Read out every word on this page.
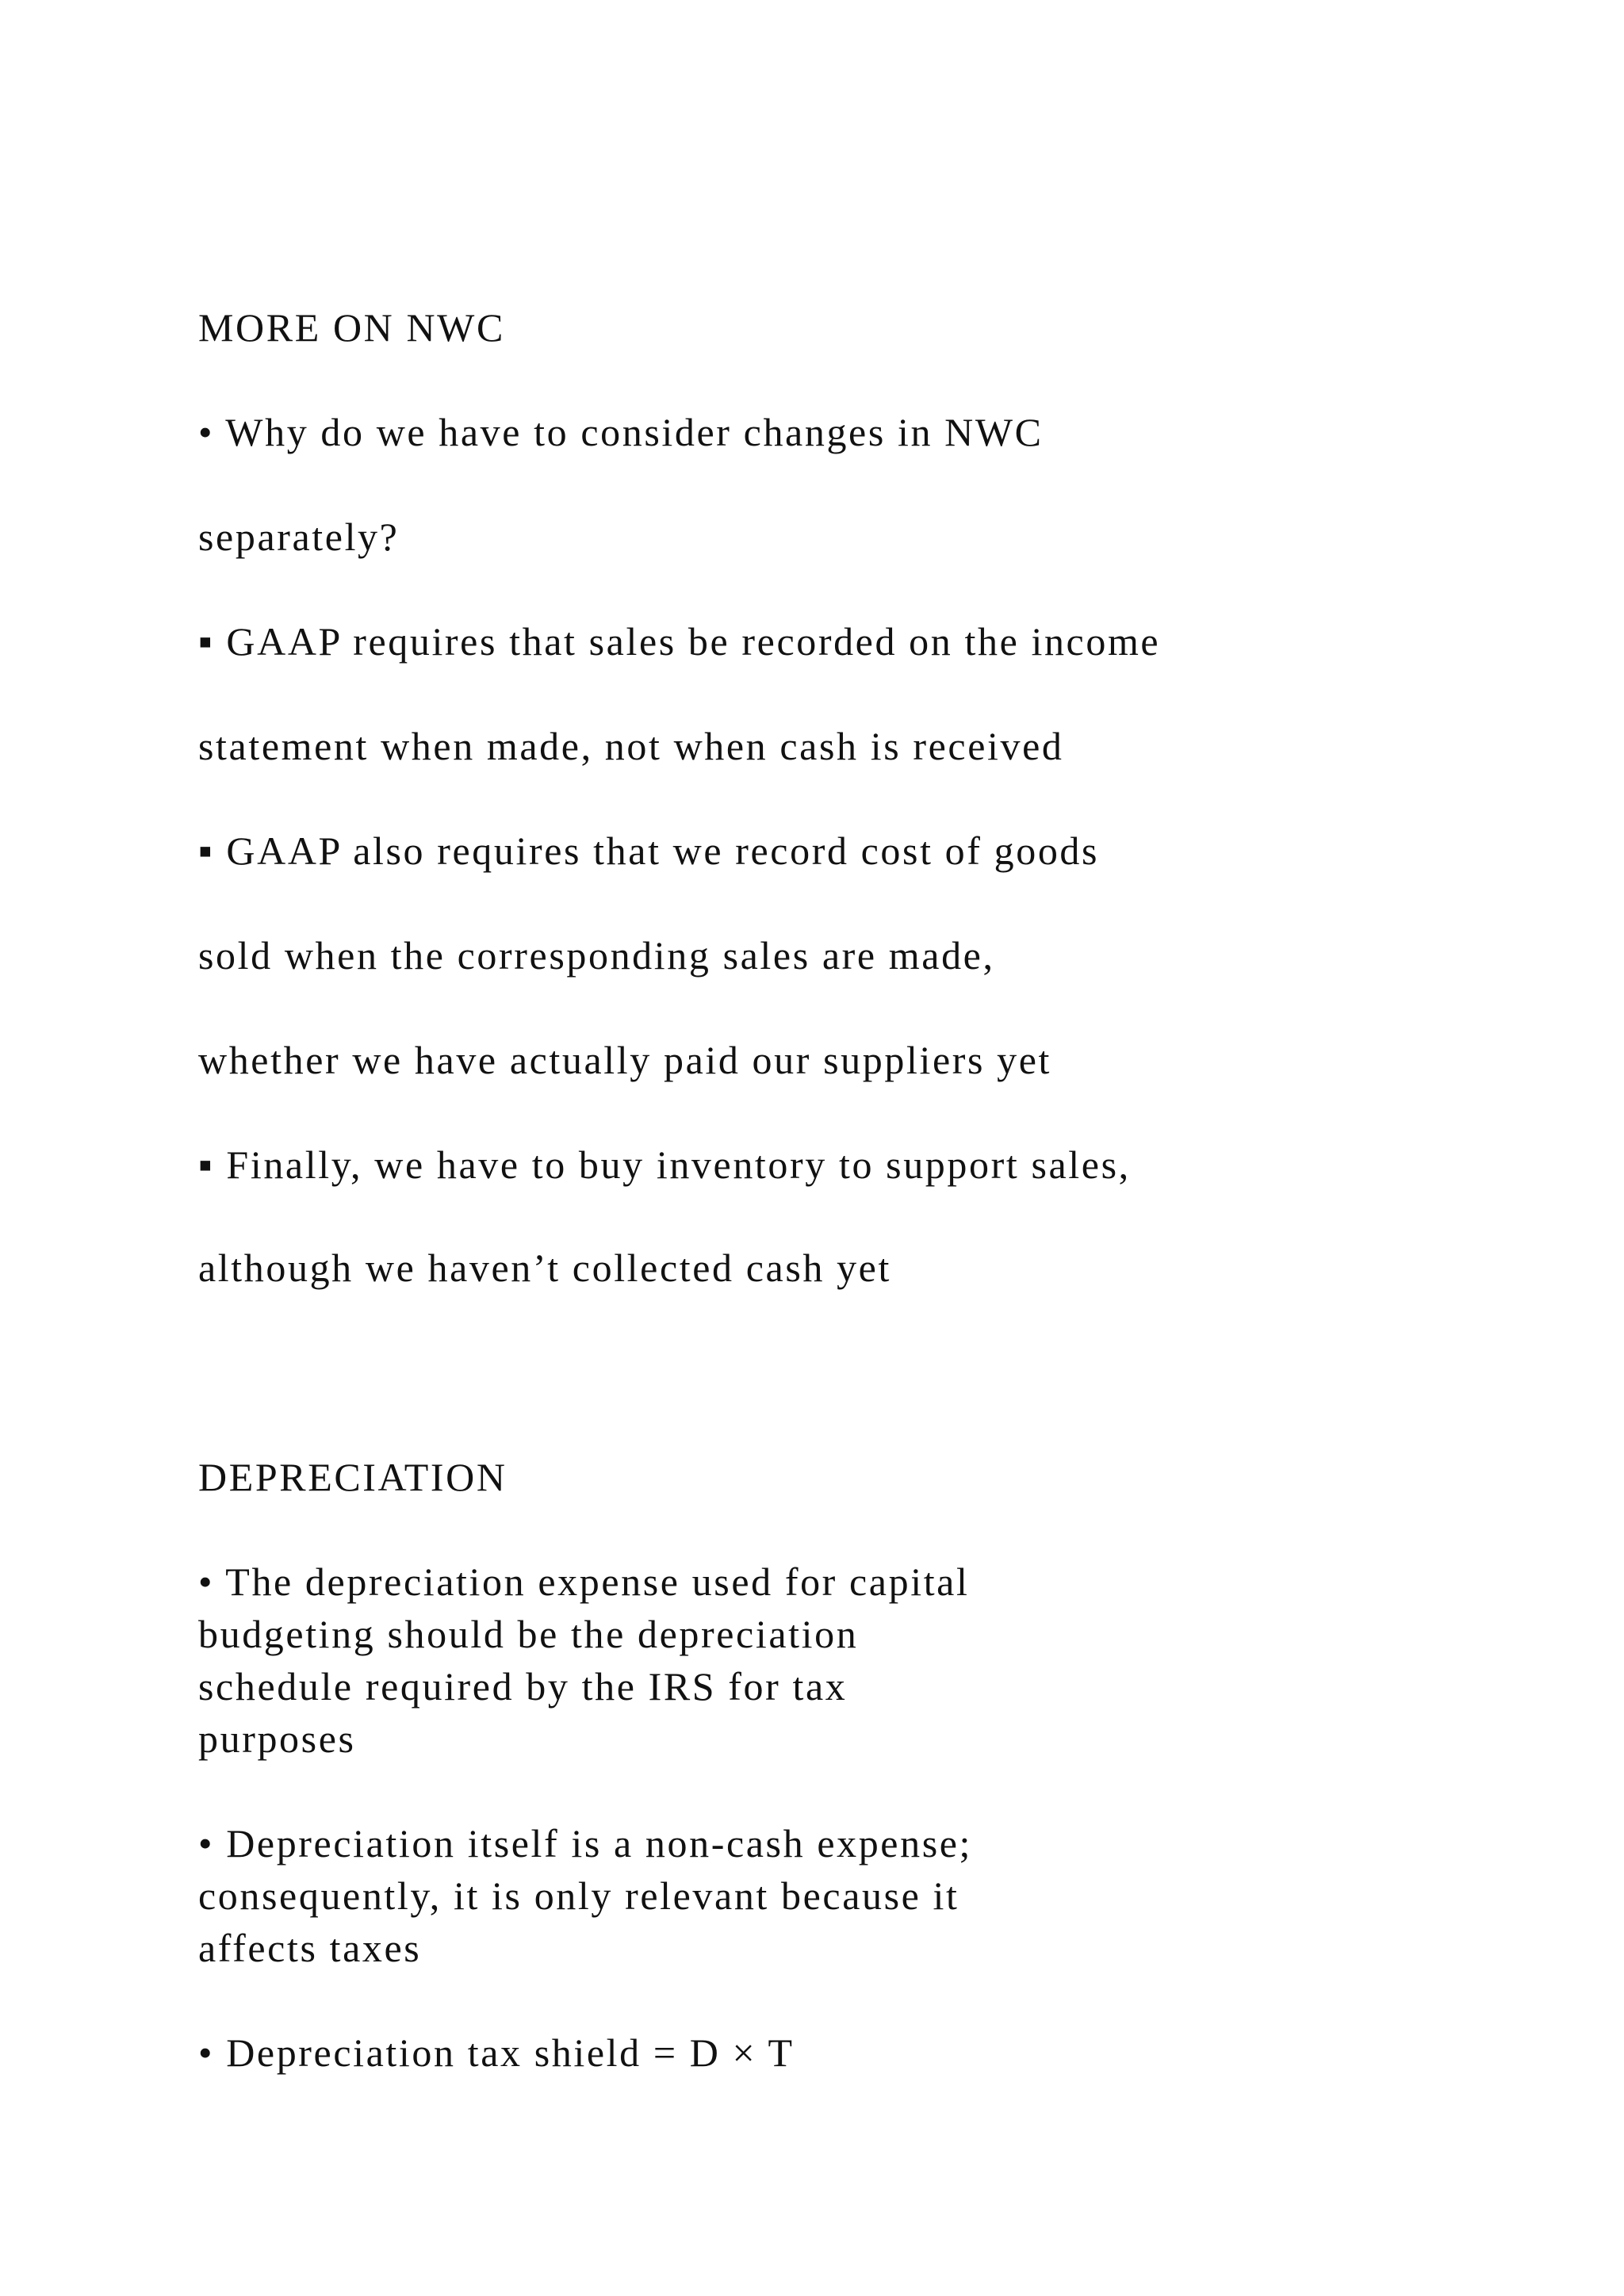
MORE ON NWC
• Why do we have to consider changes in NWC
separately?
▪ GAAP requires that sales be recorded on the income
statement when made, not when cash is received
▪ GAAP also requires that we record cost of goods
sold when the corresponding sales are made,
whether we have actually paid our suppliers yet
▪ Finally, we have to buy inventory to support sales,
although we haven’t collected cash yet
DEPRECIATION
• The depreciation expense used for capital
budgeting should be the depreciation
schedule required by the IRS for tax
purposes
• Depreciation itself is a non-cash expense;
consequently, it is only relevant because it
affects taxes
• Depreciation tax shield = D × T
